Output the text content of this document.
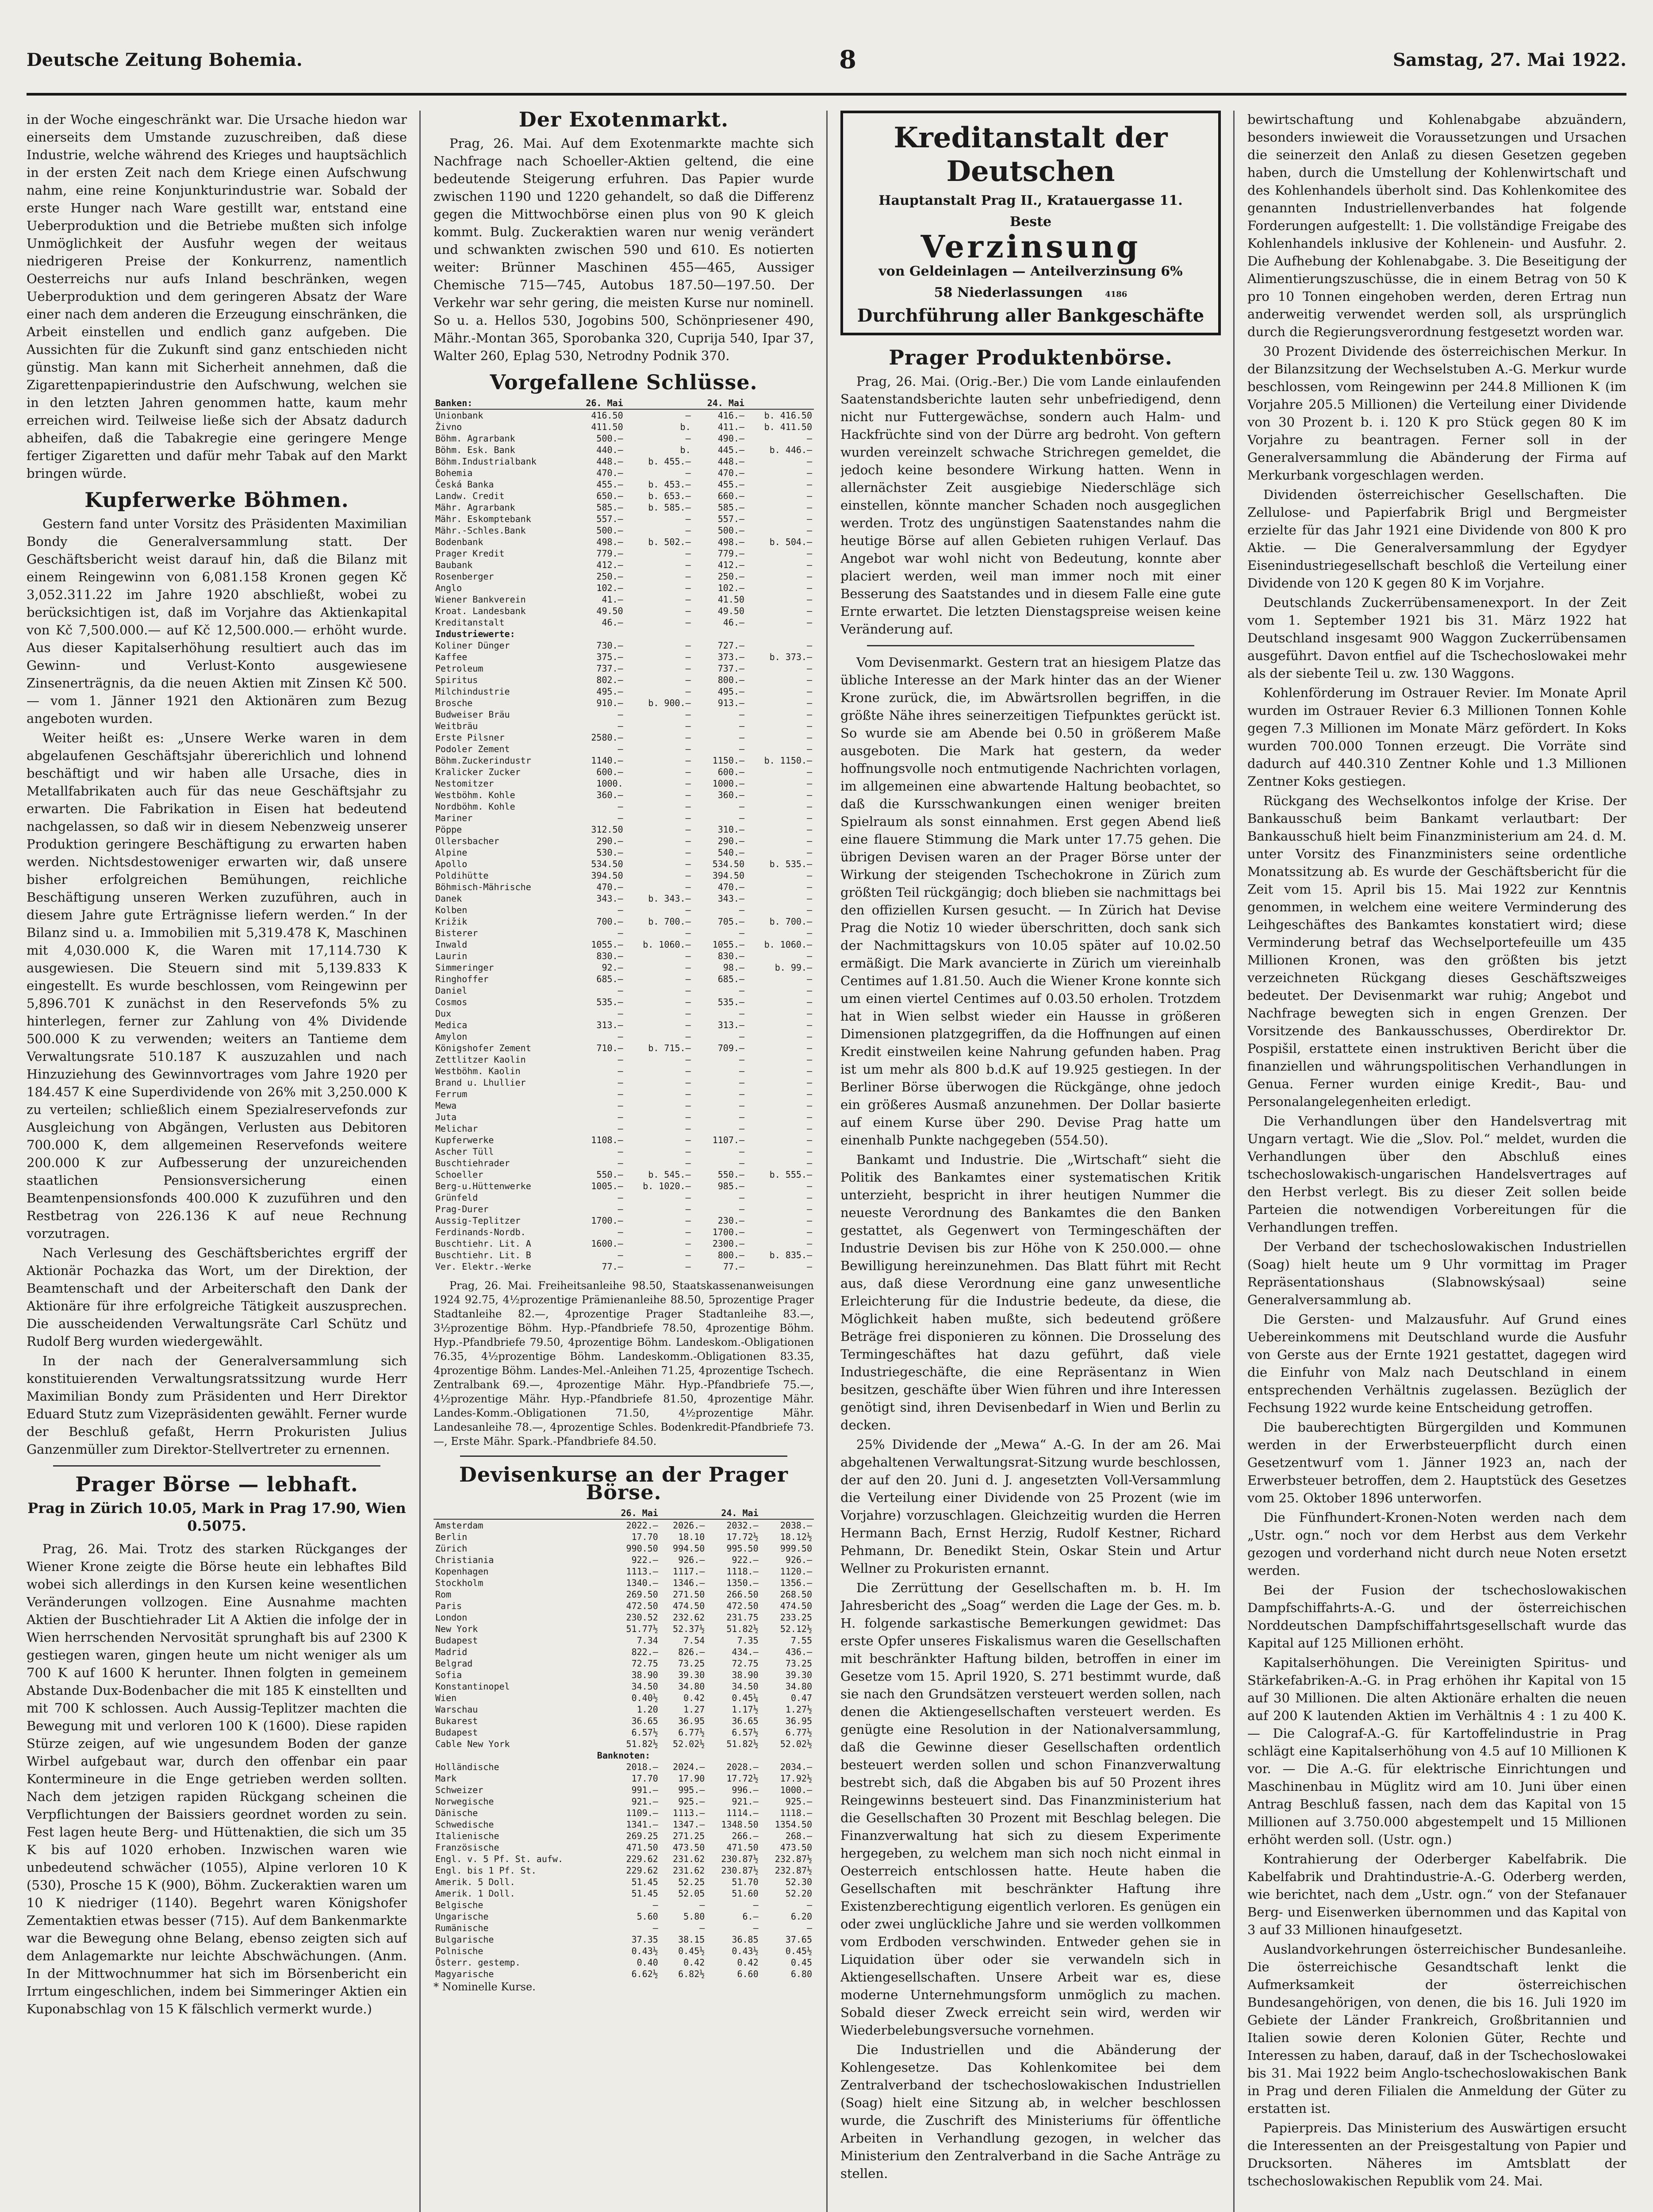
Deutsche Zeitung Bohemia.	8	Samstag, 27. Mai 1922.

in der Woche eingeschränkt war. Die Ursache hiedon war einerseits dem Umstande zuzuschreiben, daß diese Industrie, welche während des Krieges und hauptsächlich in der ersten Zeit nach dem Kriege einen Aufschwung nahm, eine reine Konjunkturindustrie war. Sobald der erste Hunger nach Ware gestillt war, entstand eine Ueberproduktion und die Betriebe mußten sich infolge Unmöglichkeit der Ausfuhr wegen der weitaus niedrigeren Preise der Konkurrenz, namentlich Oesterreichs nur aufs Inland beschränken, wegen Ueberproduktion und dem geringeren Absatz der Ware einer nach dem anderen die Erzeugung einschränken, die Arbeit einstellen und endlich ganz aufgeben. Die Aussichten für die Zukunft sind ganz entschieden nicht günstig. Man kann mit Sicherheit annehmen, daß die Zigarettenpapierindustrie den Aufschwung, welchen sie in den letzten Jahren genommen hatte, kaum mehr erreichen wird. Teilweise ließe sich der Absatz dadurch abheifen, daß die Tabakregie eine geringere Menge fertiger Zigaretten und dafür mehr Tabak auf den Markt bringen würde.

Kupferwerke Böhmen.

Gestern fand unter Vorsitz des Präsidenten Maximilian Bondy die Generalversammlung statt. Der Geschäftsbericht weist darauf hin, daß die Bilanz mit einem Reingewinn von 6,081.158 Kronen gegen Kč 3,052.311.22 im Jahre 1920 abschließt, wobei zu berücksichtigen ist, daß im Vorjahre das Aktienkapital von Kč 7,500.000.— auf Kč 12,500.000.— erhöht wurde. Aus dieser Kapitalserhöhung resultiert auch das im Gewinn- und Verlust-Konto ausgewiesene Zinsenerträgnis, da die neuen Aktien mit Zinsen Kč 500.— vom 1. Jänner 1921 den Aktionären zum Bezug angeboten wurden.

Weiter heißt es: „Unsere Werke waren in dem abgelaufenen Geschäftsjahr übererichlich und lohnend beschäftigt und wir haben alle Ursache, dies in Metallfabrikaten auch für das neue Geschäftsjahr zu erwarten. Die Fabrikation in Eisen hat bedeutend nachgelassen, so daß wir in diesem Nebenzweig unserer Produktion geringere Beschäftigung zu erwarten haben werden. Nichtsdestoweniger erwarten wir, daß unsere bisher erfolgreichen Bemühungen, reichliche Beschäftigung unseren Werken zuzuführen, auch in diesem Jahre gute Erträgnisse liefern werden.“ In der Bilanz sind u. a. Immobilien mit 5,319.478 K, Maschinen mit 4,030.000 K, die Waren mit 17,114.730 K ausgewiesen. Die Steuern sind mit 5,139.833 K eingestellt. Es wurde beschlossen, vom Reingewinn per 5,896.701 K zunächst in den Reservefonds 5% zu hinterlegen, ferner zur Zahlung von 4% Dividende 500.000 K zu verwenden; weiters an Tantieme dem Verwaltungsrate 510.187 K auszuzahlen und nach Hinzuziehung des Gewinnvortrages vom Jahre 1920 per 184.457 K eine Superdividende von 26% mit 3,250.000 K zu verteilen; schließlich einem Spezialreservefonds zur Ausgleichung von Abgängen, Verlusten aus Debitoren 700.000 K, dem allgemeinen Reservefonds weitere 200.000 K zur Aufbesserung der unzureichenden staatlichen Pensionsversicherung einen Beamtenpensionsfonds 400.000 K zuzuführen und den Restbetrag von 226.136 K auf neue Rechnung vorzutragen.

Nach Verlesung des Geschäftsberichtes ergriff der Aktionär Pochazka das Wort, um der Direktion, der Beamtenschaft und der Arbeiterschaft den Dank der Aktionäre für ihre erfolgreiche Tätigkeit auszusprechen. Die ausscheidenden Verwaltungsräte Carl Schütz und Rudolf Berg wurden wiedergewählt.

In der nach der Generalversammlung sich konstituierenden Verwaltungsratssitzung wurde Herr Maximilian Bondy zum Präsidenten und Herr Direktor Eduard Stutz zum Vizepräsidenten gewählt. Ferner wurde der Beschluß gefaßt, Herrn Prokuristen Julius Ganzenmüller zum Direktor-Stellvertreter zu ernennen.

Prager Börse — lebhaft.
Prag in Zürich 10.05, Mark in Prag 17.90, Wien 0.5075.

Prag, 26. Mai. Trotz des starken Rückganges der Wiener Krone zeigte die Börse heute ein lebhaftes Bild wobei sich allerdings in den Kursen keine wesentlichen Veränderungen vollzogen. Eine Ausnahme machten Aktien der Buschtiehrader Lit A Aktien die infolge der in Wien herrschenden Nervosität sprunghaft bis auf 2300 K gestiegen waren, gingen heute um nicht weniger als um 700 K auf 1600 K herunter. Ihnen folgten in gemeinem Abstande Dux-Bodenbacher die mit 185 K einstellten und mit 700 K schlossen. Auch Aussig-Teplitzer machten die Bewegung mit und verloren 100 K (1600). Diese rapiden Stürze zeigen, auf wie ungesundem Boden der ganze Wirbel aufgebaut war, durch den offenbar ein paar Kontermineure in die Enge getrieben werden sollten. Nach dem jetzigen rapiden Rückgang scheinen die Verpflichtungen der Baissiers geordnet worden zu sein. Fest lagen heute Berg- und Hüttenaktien, die sich um 35 K bis auf 1020 erhoben. Inzwischen waren wie unbedeutend schwächer (1055), Alpine verloren 10 K (530), Prosche 15 K (900), Böhm. Zuckeraktien waren um 10 K niedriger (1140). Begehrt waren Königshofer Zementaktien etwas besser (715). Auf dem Bankenmarkte war die Bewegung ohne Belang, ebenso zeigten sich auf dem Anlagemarkte nur leichte Abschwächungen. (Anm. In der Mittwochnummer hat sich im Börsenbericht ein Irrtum eingeschlichen, indem bei Simmeringer Aktien ein Kuponabschlag von 15 K fälschlich vermerkt wurde.)

Der Exotenmarkt.

Prag, 26. Mai. Auf dem Exotenmarkte machte sich Nachfrage nach Schoeller-Aktien geltend, die eine bedeutende Steigerung erfuhren. Das Papier wurde zwischen 1190 und 1220 gehandelt, so daß die Differenz gegen die Mittwochbörse einen plus von 90 K gleich kommt. Bulg. Zuckeraktien waren nur wenig verändert und schwankten zwischen 590 und 610. Es notierten weiter: Brünner Maschinen 455—465, Aussiger Chemische 715—745, Autobus 187.50—197.50. Der Verkehr war sehr gering, die meisten Kurse nur nominell. So u. a. Hellos 530, Jogobins 500, Schönpriesener 490, Mähr.-Montan 365, Sporobanka 320, Cuprija 540, Ipar 37, Walter 260, Eplag 530, Netrodny Podnik 370.

Vorgefallene Schlüsse.
Banken:	26. Mai		24. Mai	
Unionbank	416.50	—	416.—	b. 416.50
Živno	411.50	b.	411.—	b. 411.50
Böhm. Agrarbank	500.—	—	490.—	—
Böhm. Esk. Bank	440.—	b.	445.—	b. 446.—
Böhm.Industrialbank	448.—	b. 455.—	448.—	—
Bohemia	470.—	—	470.—	—
Česká Banka	455.—	b. 453.—	455.—	—
Landw. Credit	650.—	b. 653.—	660.—	—
Mähr. Agrarbank	585.—	b. 585.—	585.—	—
Mähr. Eskomptebank	557.—	—	557.—	—
Mähr.-Schles.Bank	500.—	—	500.—	—
Bodenbank	498.—	b. 502.—	498.—	b. 504.—
Prager Kredit	779.—	—	779.—	—
Baubank	412.—	—	412.—	—
Rosenberger	250.—	—	250.—	—
Anglo	102.—	—	102.—	—
Wiener Bankverein	41.—	—	41.50	—
Kroat. Landesbank	49.50	—	49.50	—
Kreditanstalt	46.—	—	46.—	—
Industriewerte:				
Koliner Dünger	730.—	—	727.—	—
Kaffee	375.—	—	373.—	b. 373.—
Petroleum	737.—	—	737.—	—
Spiritus	802.—	—	800.—	—
Milchindustrie	495.—	—	495.—	—
Brosche	910.—	b. 900.—	913.—	—
Budweiser Bräu	—	—	—	—
Weitbräu	—	—	—	—
Erste Pilsner	2580.—	—	—	—
Podoler Zement	—	—	—	—
Böhm.Zuckerindustr	1140.—	—	1150.—	b. 1150.—
Kralicker Zucker	600.—	—	600.—	—
Nestomitzer	1000.	—	1000.—	—
Westböhm. Kohle	360.—	—	360.—	—
Nordböhm. Kohle	—	—	—	—
Mariner	—	—	—	—
Pöppe	312.50	—	310.—	—
Ollersbacher	290.—	—	290.—	—
Alpine	530.—	—	540.—	—
Apollo	534.50	—	534.50	b. 535.—
Poldihütte	394.50	—	394.50	—
Böhmisch-Mährische	470.—	—	470.—	—
Danek	343.—	b. 343.—	343.—	—
Kolben	—	—	—	—
Križik	700.—	b. 700.—	705.—	b. 700.—
Bisterer	—	—	—	—
Inwald	1055.—	b. 1060.—	1055.—	b. 1060.—
Laurin	830.—	—	830.—	—
Simmeringer	92.—	—	98.—	b. 99.—
Ringhoffer	685.—	—	685.—	—
Daniel	—	—	—	—
Cosmos	535.—	—	535.—	—
Dux	—	—	—	—
Medica	313.—	—	313.—	—
Amylon	—	—	—	—
Königshofer Zement	710.—	b. 715.—	709.—	—
Zettlitzer Kaolin	—	—	—	—
Westböhm. Kaolin	—	—	—	—
Brand u. Lhullier	—	—	—	—
Ferrum	—	—	—	—
Mewa	—	—	—	—
Juta	—	—	—	—
Melichar	—	—	—	—
Kupferwerke	1108.—	—	1107.—	—
Ascher Tüll	—	—	—	—
Buschtiehrader	—	—	—	—
Schoeller	550.—	b. 545.—	550.—	b. 555.—
Berg-u.Hüttenwerke	1005.—	b. 1020.—	985.—	—
Grünfeld	—	—	—	—
Prag-Durer	—	—	—	—
Aussig-Teplitzer	1700.—	—	230.—	—
Ferdinands-Nordb.	—	—	1700.—	—
Buschtiehr. Lit. A	1600.—	—	2300.—	—
Buschtiehr. Lit. B	—	—	800.—	b. 835.—
Ver. Elektr.-Werke	77.—	—	77.—	—

Prag, 26. Mai. Freiheitsanleihe 98.50, Staatskassenanweisungen 1924 92.75, 4½prozentige Prämienanleihe 88.50, 5prozentige Prager Stadtanleihe 82.—, 4prozentige Prager Stadtanleihe 83.—, 3½prozentige Böhm. Hyp.-Pfandbriefe 78.50, 4prozentige Böhm. Hyp.-Pfandbriefe 79.50, 4prozentige Böhm. Landeskom.-Obligationen 76.35, 4½prozentige Böhm. Landeskomm.-Obligationen 83.35, 4prozentige Böhm. Landes-Mel.-Anleihen 71.25, 4prozentige Tschech. Zentralbank 69.—, 4prozentige Mähr. Hyp.-Pfandbriefe 75.—, 4½prozentige Mähr. Hyp.-Pfandbriefe 81.50, 4prozentige Mähr. Landes-Komm.-Obligationen 71.50, 4½prozentige Mähr. Landesanleihe 78.—, 4prozentige Schles. Bodenkredit-Pfandbriefe 73.—, Erste Mähr. Spark.-Pfandbriefe 84.50.

Devisenkurse an der Prager Börse.
	26. Mai		24. Mai	
Amsterdam	2022.—	2026.—	2032.—	2038.—
Berlin	17.70	18.10	17.72½	18.12½
Zürich	990.50	994.50	995.50	999.50
Christiania	922.—	926.—	922.—	926.—
Kopenhagen	1113.—	1117.—	1118.—	1120.—
Stockholm	1340.—	1346.—	1350.—	1356.—
Rom	269.50	271.50	266.50	268.50
Paris	472.50	474.50	472.50	474.50
London	230.52	232.62	231.75	233.25
New York	51.77½	52.37½	51.82½	52.12½
Budapest	7.34	7.54	7.35	7.55
Madrid	822.—	826.—	434.—	436.—
Belgrad	72.75	73.25	72.75	73.25
Sofia	38.90	39.30	38.90	39.30
Konstantinopel	34.50	34.80	34.50	34.80
Wien	0.40½	0.42	0.45¼	0.47
Warschau	1.20	1.27	1.17½	1.27½
Bukarest	36.65	36.95	36.65	36.95
Budapest	6.57½	6.77½	6.57½	6.77½
Cable New York	51.82½	52.02½	51.82½	52.02½
Banknoten:				
Holländische	2018.—	2024.—	2028.—	2034.—
Mark	17.70	17.90	17.72½	17.92½
Schweizer	991.—	995.—	996.—	1000.—
Norwegische	921.—	925.—	921.—	925.—
Dänische	1109.—	1113.—	1114.—	1118.—
Schwedische	1341.—	1347.—	1348.50	1354.50
Italienische	269.25	271.25	266.—	268.—
Französische	471.50	473.50	471.50	473.50
Engl. v. 5 Pf. St. aufw.	229.62	231.62	230.87½	232.87½
Engl. bis 1 Pf. St.	229.62	231.62	230.87½	232.87½
Amerik. 5 Doll.	51.45	52.25	51.70	52.30
Amerik. 1 Doll.	51.45	52.05	51.60	52.20
Belgische	—	—	—	—
Ungarische	5.60	5.80	6.—	6.20
Rumänische	—	—	—	—
Bulgarische	37.35	38.15	36.85	37.65
Polnische	0.43½	0.45½	0.43½	0.45½
Österr. gestemp.	0.40	0.42	0.42	0.45
Magyarische	6.62½	6.82½	6.60	6.80
* Nominelle Kurse.
Kreditanstalt der Deutschen
Hauptanstalt Prag II., Kratauergasse 11.
Beste
Verzinsung
von Geldeinlagen — Anteilverzinsung 6%
58 Niederlassungen	4186
Durchführung aller Bankgeschäfte
Prager Produktenbörse.

Prag, 26. Mai. (Orig.-Ber.) Die vom Lande einlaufenden Saatenstandsberichte lauten sehr unbefriedigend, denn nicht nur Futtergewächse, sondern auch Halm- und Hackfrüchte sind von der Dürre arg bedroht. Von geftern wurden vereinzelt schwache Strichregen gemeldet, die jedoch keine besondere Wirkung hatten. Wenn in allernächster Zeit ausgiebige Niederschläge sich einstellen, könnte mancher Schaden noch ausgeglichen werden. Trotz des ungünstigen Saatenstandes nahm die heutige Börse auf allen Gebieten ruhigen Verlauf. Das Angebot war wohl nicht von Bedeutung, konnte aber placiert werden, weil man immer noch mit einer Besserung des Saatstandes und in diesem Falle eine gute Ernte erwartet. Die letzten Dienstagspreise weisen keine Veränderung auf.

Vom Devisenmarkt. Gestern trat an hiesigem Platze das übliche Interesse an der Mark hinter das an der Wiener Krone zurück, die, im Abwärtsrollen begriffen, in die größte Nähe ihres seinerzeitigen Tiefpunktes gerückt ist. So wurde sie am Abende bei 0.50 in größerem Maße ausgeboten. Die Mark hat gestern, da weder hoffnungsvolle noch entmutigende Nachrichten vorlagen, im allgemeinen eine abwartende Haltung beobachtet, so daß die Kursschwankungen einen weniger breiten Spielraum als sonst einnahmen. Erst gegen Abend ließ eine flauere Stimmung die Mark unter 17.75 gehen. Die übrigen Devisen waren an der Prager Börse unter der Wirkung der steigenden Tschechokrone in Zürich zum größten Teil rückgängig; doch blieben sie nachmittags bei den offiziellen Kursen gesucht. — In Zürich hat Devise Prag die Notiz 10 wieder überschritten, doch sank sich der Nachmittagskurs von 10.05 später auf 10.02.50 ermäßigt. Die Mark avancierte in Zürich um viereinhalb Centimes auf 1.81.50. Auch die Wiener Krone konnte sich um einen viertel Centimes auf 0.03.50 erholen. Trotzdem hat in Wien selbst wieder ein Hausse in größeren Dimensionen platzgegriffen, da die Hoffnungen auf einen Kredit einstweilen keine Nahrung gefunden haben. Prag ist um mehr als 800 b.d.K auf 19.925 gestiegen. In der Berliner Börse überwogen die Rückgänge, ohne jedoch ein größeres Ausmaß anzunehmen. Der Dollar basierte auf einem Kurse über 290. Devise Prag hatte um einenhalb Punkte nachgegeben (554.50).

Bankamt und Industrie. Die „Wirtschaft“ sieht die Politik des Bankamtes einer systematischen Kritik unterzieht, bespricht in ihrer heutigen Nummer die neueste Verordnung des Bankamtes die den Banken gestattet, als Gegenwert von Termingeschäften der Industrie Devisen bis zur Höhe von K 250.000.— ohne Bewilligung hereinzunehmen. Das Blatt führt mit Recht aus, daß diese Verordnung eine ganz unwesentliche Erleichterung für die Industrie bedeute, da diese, die Möglichkeit haben mußte, sich bedeutend größere Beträge frei disponieren zu können. Die Drosselung des Termingeschäftes hat dazu geführt, daß viele Industriegeschäfte, die eine Repräsentanz in Wien besitzen, geschäfte über Wien führen und ihre Interessen genötigt sind, ihren Devisenbedarf in Wien und Berlin zu decken.

25% Dividende der „Mewa“ A.-G. In der am 26. Mai abgehaltenen Verwaltungsrat-Sitzung wurde beschlossen, der auf den 20. Juni d. J. angesetzten Voll-Versammlung die Verteilung einer Dividende von 25 Prozent (wie im Vorjahre) vorzuschlagen. Gleichzeitig wurden die Herren Hermann Bach, Ernst Herzig, Rudolf Kestner, Richard Pehmann, Dr. Benedikt Stein, Oskar Stein und Artur Wellner zu Prokuristen ernannt.

Die Zerrüttung der Gesellschaften m. b. H. Im Jahresbericht des „Soag“ werden die Lage der Ges. m. b. H. folgende sarkastische Bemerkungen gewidmet: Das erste Opfer unseres Fiskalismus waren die Gesellschaften mit beschränkter Haftung bilden, betroffen in einer im Gesetze vom 15. April 1920, S. 271 bestimmt wurde, daß sie nach den Grundsätzen versteuert werden sollen, nach denen die Aktiengesellschaften versteuert werden. Es genügte eine Resolution in der Nationalversammlung, daß die Gewinne dieser Gesellschaften ordentlich besteuert werden sollen und schon Finanzverwaltung bestrebt sich, daß die Abgaben bis auf 50 Prozent ihres Reingewinns besteuert sind. Das Finanzministerium hat die Gesellschaften 30 Prozent mit Beschlag belegen. Die Finanzverwaltung hat sich zu diesem Experimente hergegeben, zu welchem man sich noch nicht einmal in Oesterreich entschlossen hatte. Heute haben die Gesellschaften mit beschränkter Haftung ihre Existenzberechtigung eigentlich verloren. Es genügen ein oder zwei unglückliche Jahre und sie werden vollkommen vom Erdboden verschwinden. Entweder gehen sie in Liquidation über oder sie verwandeln sich in Aktiengesellschaften. Unsere Arbeit war es, diese moderne Unternehmungsform unmöglich zu machen. Sobald dieser Zweck erreicht sein wird, werden wir Wiederbelebungsversuche vornehmen.

Die Industriellen und die Abänderung der Kohlengesetze. Das Kohlenkomitee bei dem Zentralverband der tschechoslowakischen Industriellen (Soag) hielt eine Sitzung ab, in welcher beschlossen wurde, die Zuschrift des Ministeriums für öffentliche Arbeiten in Verhandlung gezogen, in welcher das Ministerium den Zentralverband in die Sache Anträge zu stellen.

bewirtschaftung und Kohlenabgabe abzuändern, besonders inwieweit die Voraussetzungen und Ursachen die seinerzeit den Anlaß zu diesen Gesetzen gegeben haben, durch die Umstellung der Kohlenwirtschaft und des Kohlenhandels überholt sind. Das Kohlenkomitee des genannten Industriellenverbandes hat folgende Forderungen aufgestellt: 1. Die vollständige Freigabe des Kohlenhandels inklusive der Kohlenein- und Ausfuhr. 2. Die Aufhebung der Kohlenabgabe. 3. Die Beseitigung der Alimentierungszuschüsse, die in einem Betrag von 50 K pro 10 Tonnen eingehoben werden, deren Ertrag nun anderweitig verwendet werden soll, als ursprünglich durch die Regierungsverordnung festgesetzt worden war.

30 Prozent Dividende des österreichischen Merkur. In der Bilanzsitzung der Wechselstuben A.-G. Merkur wurde beschlossen, vom Reingewinn per 244.8 Millionen K (im Vorjahre 205.5 Millionen) die Verteilung einer Dividende von 30 Prozent b. i. 120 K pro Stück gegen 80 K im Vorjahre zu beantragen. Ferner soll in der Generalversammlung die Abänderung der Firma auf Merkurbank vorgeschlagen werden.

Dividenden österreichischer Gesellschaften. Die Zellulose- und Papierfabrik Brigl und Bergmeister erzielte für das Jahr 1921 eine Dividende von 800 K pro Aktie. — Die Generalversammlung der Egydyer Eisenindustriegesellschaft beschloß die Verteilung einer Dividende von 120 K gegen 80 K im Vorjahre.

Deutschlands Zuckerrübensamenexport. In der Zeit vom 1. September 1921 bis 31. März 1922 hat Deutschland insgesamt 900 Waggon Zuckerrübensamen ausgeführt. Davon entfiel auf die Tschechoslowakei mehr als der siebente Teil u. zw. 130 Waggons.

Kohlenförderung im Ostrauer Revier. Im Monate April wurden im Ostrauer Revier 6.3 Millionen Tonnen Kohle gegen 7.3 Millionen im Monate März gefördert. In Koks wurden 700.000 Tonnen erzeugt. Die Vorräte sind dadurch auf 440.310 Zentner Kohle und 1.3 Millionen Zentner Koks gestiegen.

Rückgang des Wechselkontos infolge der Krise. Der Bankausschuß beim Bankamt verlautbart: Der Bankausschuß hielt beim Finanzministerium am 24. d. M. unter Vorsitz des Finanzministers seine ordentliche Monatssitzung ab. Es wurde der Geschäftsbericht für die Zeit vom 15. April bis 15. Mai 1922 zur Kenntnis genommen, in welchem eine weitere Verminderung des Leihgeschäftes des Bankamtes konstatiert wird; diese Verminderung betraf das Wechselportefeuille um 435 Millionen Kronen, was den größten bis jetzt verzeichneten Rückgang dieses Geschäftszweiges bedeutet. Der Devisenmarkt war ruhig; Angebot und Nachfrage bewegten sich in engen Grenzen. Der Vorsitzende des Bankausschusses, Oberdirektor Dr. Pospišil, erstattete einen instruktiven Bericht über die finanziellen und währungspolitischen Verhandlungen in Genua. Ferner wurden einige Kredit-, Bau- und Personalangelegenheiten erledigt.

Die Verhandlungen über den Handelsvertrag mit Ungarn vertagt. Wie die „Slov. Pol.“ meldet, wurden die Verhandlungen über den Abschluß eines tschechoslowakisch-ungarischen Handelsvertrages auf den Herbst verlegt. Bis zu dieser Zeit sollen beide Parteien die notwendigen Vorbereitungen für die Verhandlungen treffen.

Der Verband der tschechoslowakischen Industriellen (Soag) hielt heute um 9 Uhr vormittag im Prager Repräsentationshaus (Slabnowskýsaal) seine Generalversammlung ab.

Die Gersten- und Malzausfuhr. Auf Grund eines Uebereinkommens mit Deutschland wurde die Ausfuhr von Gerste aus der Ernte 1921 gestattet, dagegen wird die Einfuhr von Malz nach Deutschland in einem entsprechenden Verhältnis zugelassen. Bezüglich der Fechsung 1922 wurde keine Entscheidung getroffen.

Die bauberechtigten Bürgergilden und Kommunen werden in der Erwerbsteuerpflicht durch einen Gesetzentwurf vom 1. Jänner 1923 an, nach der Erwerbsteuer betroffen, dem 2. Hauptstück des Gesetzes vom 25. Oktober 1896 unterworfen.

Die Fünfhundert-Kronen-Noten werden nach dem „Ustr. ogn.“ noch vor dem Herbst aus dem Verkehr gezogen und vorderhand nicht durch neue Noten ersetzt werden.

Bei der Fusion der tschechoslowakischen Dampfschiffahrts-A.-G. und der österreichischen Norddeutschen Dampfschiffahrtsgesellschaft wurde das Kapital auf 125 Millionen erhöht.

Kapitalserhöhungen. Die Vereinigten Spiritus- und Stärkefabriken-A.-G. in Prag erhöhen ihr Kapital von 15 auf 30 Millionen. Die alten Aktionäre erhalten die neuen auf 200 K lautenden Aktien im Verhältnis 4 : 1 zu 400 K. — Die Calograf-A.-G. für Kartoffelindustrie in Prag schlägt eine Kapitalserhöhung von 4.5 auf 10 Millionen K vor. — Die A.-G. für elektrische Einrichtungen und Maschinenbau in Müglitz wird am 10. Juni über einen Antrag Beschluß fassen, nach dem das Kapital von 15 Millionen auf 3.750.000 abgestempelt und 15 Millionen erhöht werden soll. (Ustr. ogn.)

Kontrahierung der Oderberger Kabelfabrik. Die Kabelfabrik und Drahtindustrie-A.-G. Oderberg werden, wie berichtet, nach dem „Ustr. ogn.“ von der Stefanauer Berg- und Eisenwerken übernommen und das Kapital von 3 auf 33 Millionen hinaufgesetzt.

Auslandvorkehrungen österreichischer Bundesanleihe. Die österreichische Gesandtschaft lenkt die Aufmerksamkeit der österreichischen Bundesangehörigen, von denen, die bis 16. Juli 1920 im Gebiete der Länder Frankreich, Großbritannien und Italien sowie deren Kolonien Güter, Rechte und Interessen zu haben, darauf, daß in der Tschechoslowakei bis 31. Mai 1922 beim Anglo-tschechoslowakischen Bank in Prag und deren Filialen die Anmeldung der Güter zu erstatten ist.

Papierpreis. Das Ministerium des Auswärtigen ersucht die Interessenten an der Preisgestaltung von Papier und Drucksorten. Näheres im Amtsblatt der tschechoslowakischen Republik vom 24. Mai.
